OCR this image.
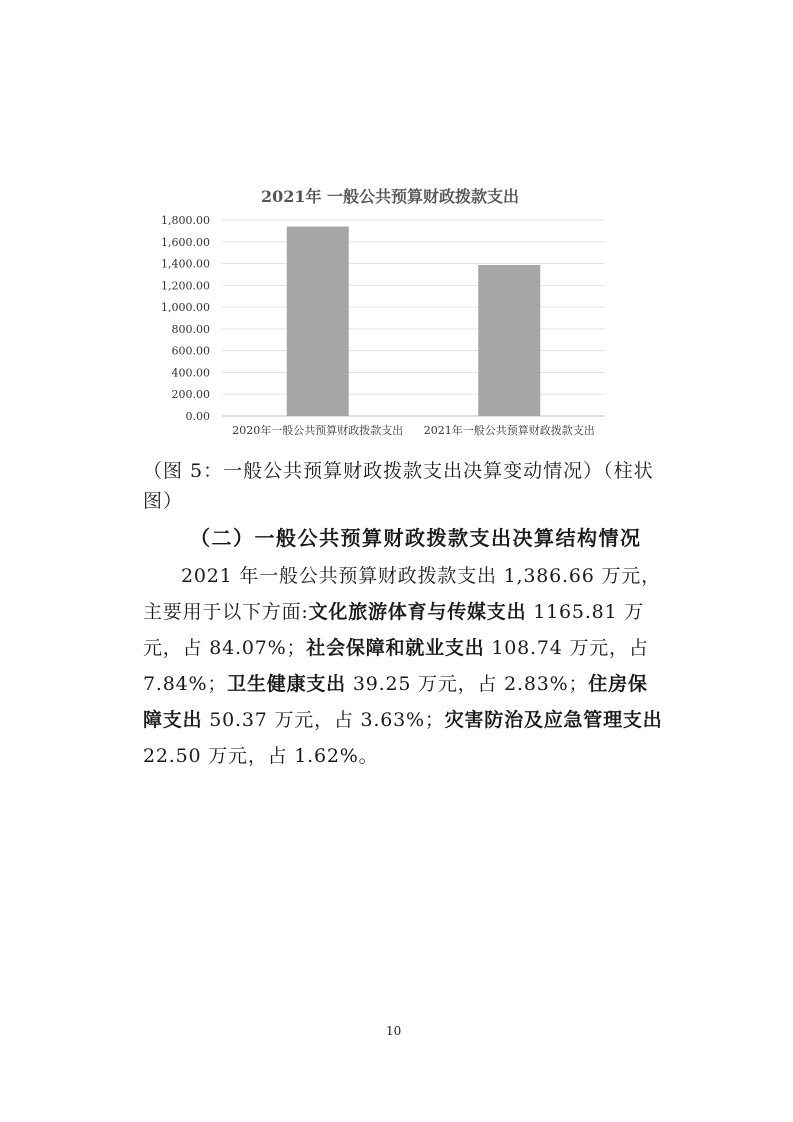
2021年 一般公共预算财政拨款支出
0.00
200.00
400.00
600.00
800.00
1,000.00
1,200.00
1,400.00
1,600.00
1,800.00
2020年一般公共预算财政拨款支出 2021年一般公共预算财政拨款支出
（图 5：一般公共预算财政拨款支出决算变动情况）（柱状图）
（二）一般公共预算财政拨款支出决算结构情况
2021 年一般公共预算财政拨款支出 1,386.66 万元，主要用于以下方面:文化旅游体育与传媒支出 1165.81 万元，占 84.07%；社会保障和就业支出 108.74 万元，占 7.84%；卫生健康支出 39.25 万元，占 2.83%；住房保障支出 50.37 万元，占 3.63%；灾害防治及应急管理支出 22.50 万元，占 1.62%。
10
